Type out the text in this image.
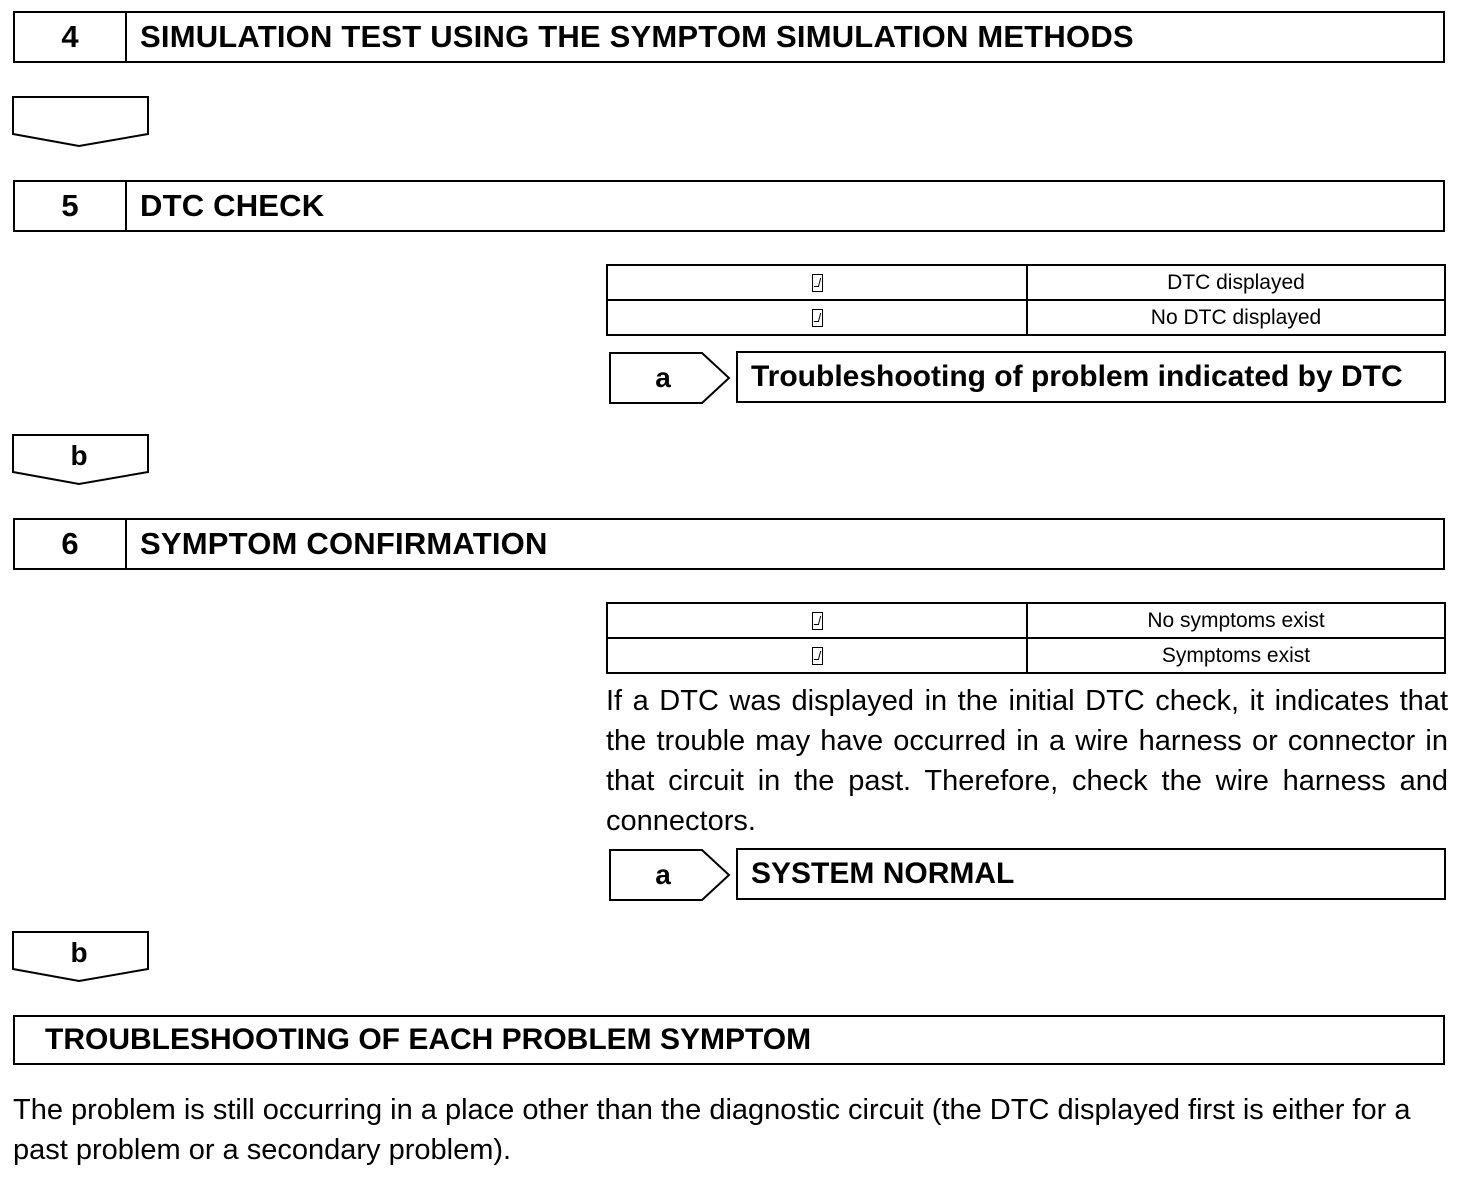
4	SIMULATION TEST USING THE SYMPTOM SIMULATION METHODS
5	DTC CHECK
	DTC displayed
	No DTC displayed
a	Troubleshooting of problem indicated by DTC
b
6	SYMPTOM CONFIRMATION
	No symptoms exist
	Symptoms exist
If a DTC was displayed in the initial DTC check, it indicates that the trouble may have occurred in a wire harness or connector in that circuit in the past. Therefore, check the wire harness and connectors.
a	SYSTEM NORMAL
b
TROUBLESHOOTING OF EACH PROBLEM SYMPTOM
The problem is still occurring in a place other than the diagnostic circuit (the DTC displayed first is either for a past problem or a secondary problem).
